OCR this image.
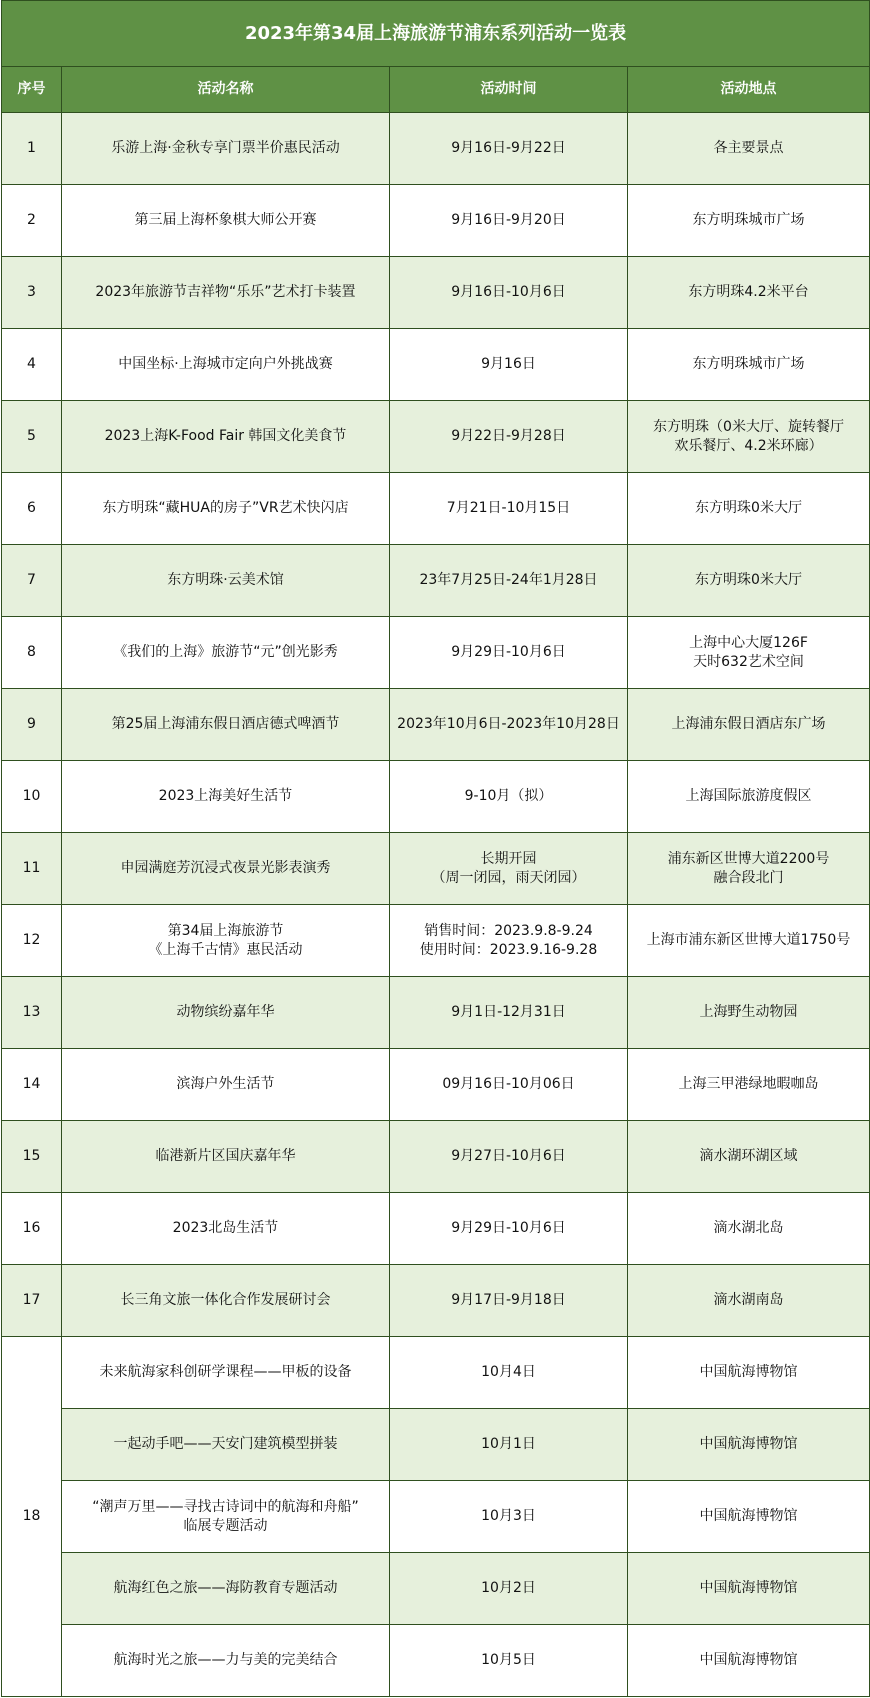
2023年第34届上海旅游节浦东系列活动一览表			
序号	活动名称	活动时间	活动地点
1	乐游上海·金秋专享门票半价惠民活动	9月16日-9月22日	各主要景点
2	第三届上海杯象棋大师公开赛	9月16日-9月20日	东方明珠城市广场
3	2023年旅游节吉祥物“乐乐”艺术打卡装置	9月16日-10月6日	东方明珠4.2米平台
4	中国坐标·上海城市定向户外挑战赛	9月16日	东方明珠城市广场
5	2023上海K-Food Fair 韩国文化美食节	9月22日-9月28日	东方明珠（0米大厅、旋转餐厅
欢乐餐厅、4.2米环廊）
6	东方明珠“藏HUA的房子”VR艺术快闪店	7月21日-10月15日	东方明珠0米大厅
7	东方明珠·云美术馆	23年7月25日-24年1月28日	东方明珠0米大厅
8	《我们的上海》旅游节“元”创光影秀	9月29日-10月6日	上海中心大厦126F
天时632艺术空间
9	第25届上海浦东假日酒店德式啤酒节	2023年10月6日-2023年10月28日	上海浦东假日酒店东广场
10	2023上海美好生活节	9-10月（拟）	上海国际旅游度假区
11	申园满庭芳沉浸式夜景光影表演秀	长期开园
（周一闭园，雨天闭园）	浦东新区世博大道2200号
融合段北门
12	第34届上海旅游节
《上海千古情》惠民活动	销售时间：2023.9.8-9.24
使用时间：2023.9.16-9.28	上海市浦东新区世博大道1750号
13	动物缤纷嘉年华	9月1日-12月31日	上海野生动物园
14	滨海户外生活节	09月16日-10月06日	上海三甲港绿地暇咖岛
15	临港新片区国庆嘉年华	9月27日-10月6日	滴水湖环湖区域
16	2023北岛生活节	9月29日-10月6日	滴水湖北岛
17	长三角文旅一体化合作发展研讨会	9月17日-9月18日	滴水湖南岛
18	未来航海家科创研学课程——甲板的设备	10月4日	中国航海博物馆
	一起动手吧——天安门建筑模型拼装	10月1日	中国航海博物馆
	“潮声万里——寻找古诗词中的航海和舟船”
临展专题活动	10月3日	中国航海博物馆
	航海红色之旅——海防教育专题活动	10月2日	中国航海博物馆
	航海时光之旅——力与美的完美结合	10月5日	中国航海博物馆
